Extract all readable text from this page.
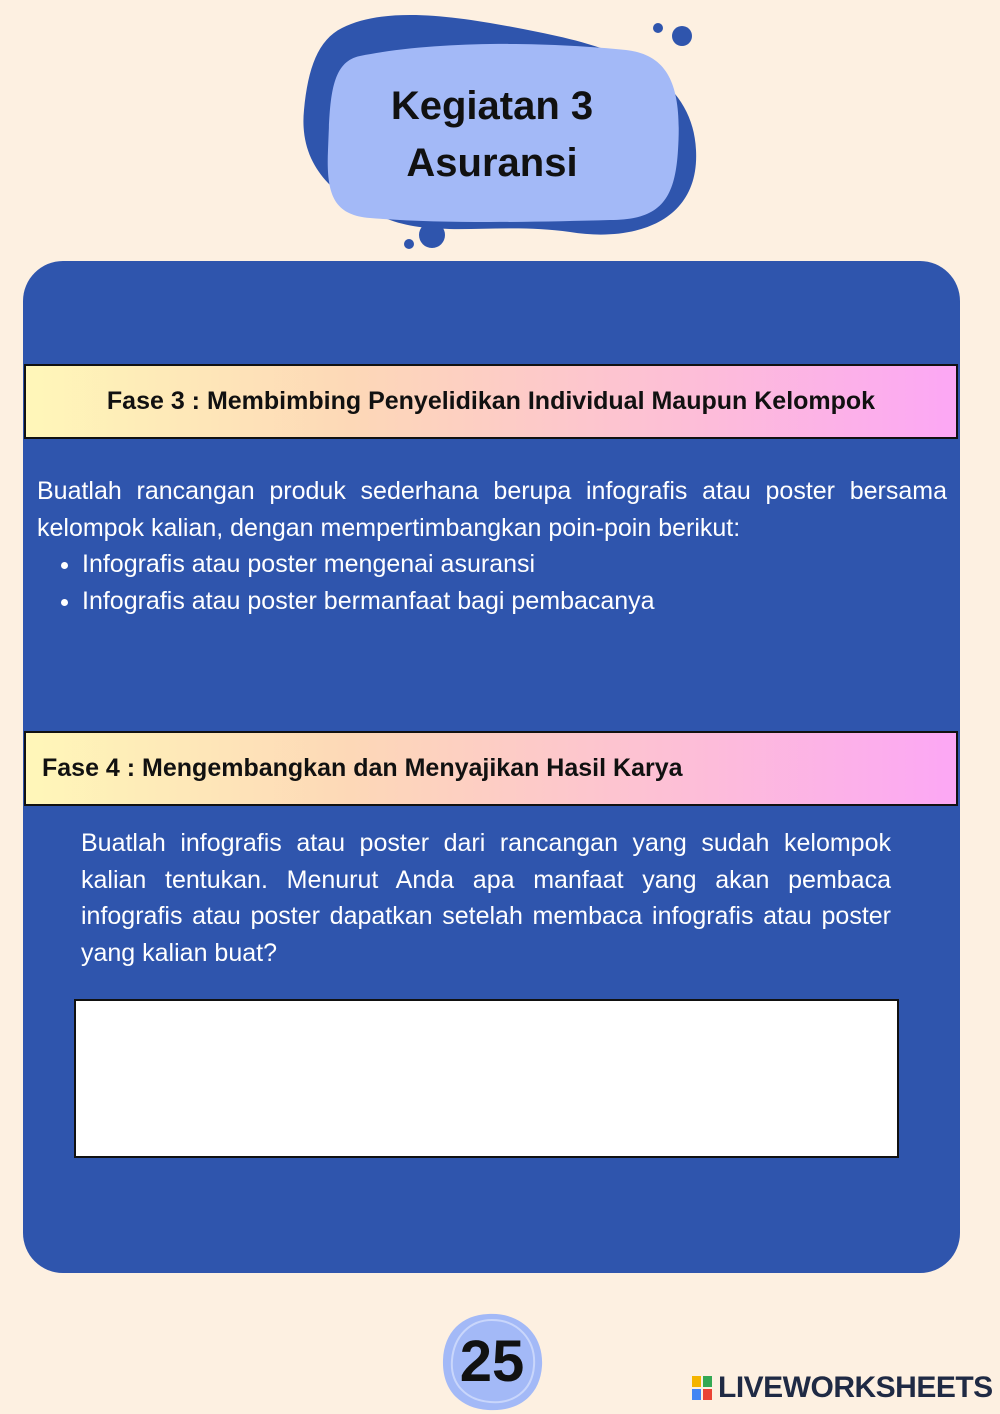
Kegiatan 3
Asuransi
Fase 3 : Membimbing Penyelidikan Individual Maupun Kelompok

Buatlah rancangan produk sederhana berupa infografis atau poster bersama kelompok kalian, dengan mempertimbangkan poin-poin berikut:

• Infografis atau poster mengenai asuransi
• Infografis atau poster bermanfaat bagi pembacanya
Fase 4 : Mengembangkan dan Menyajikan Hasil Karya
Buatlah infografis atau poster dari rancangan yang sudah kelompok kalian tentukan. Menurut Anda apa manfaat yang akan pembaca infografis atau poster dapatkan setelah membaca infografis atau poster yang kalian buat?
25	LIVEWORKSHEETS
